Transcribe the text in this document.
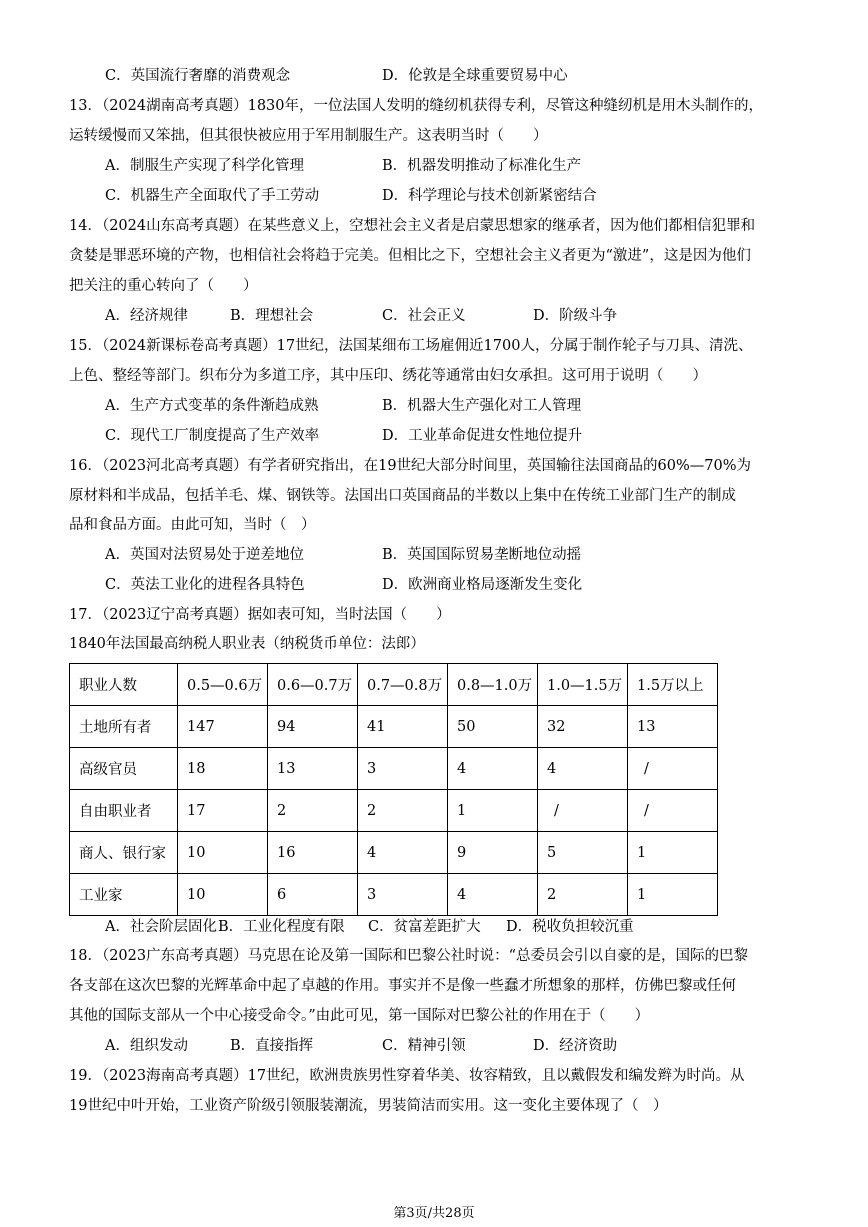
C．英国流行奢靡的消费观念	D．伦敦是全球重要贸易中心
13．（2024湖南高考真题）1830年，一位法国人发明的缝纫机获得专利，尽管这种缝纫机是用木头制作的，
运转缓慢而又笨拙，但其很快被应用于军用制服生产。这表明当时（　　）
A．制服生产实现了科学化管理	B．机器发明推动了标准化生产
C．机器生产全面取代了手工劳动	D．科学理论与技术创新紧密结合
14．（2024山东高考真题）在某些意义上，空想社会主义者是启蒙思想家的继承者，因为他们都相信犯罪和
贪婪是罪恶环境的产物，也相信社会将趋于完美。但相比之下，空想社会主义者更为“激进”，这是因为他们
把关注的重心转向了（　　）
A．经济规律	B．理想社会	C．社会正义	D．阶级斗争
15．（2024新课标卷高考真题）17世纪，法国某细布工场雇佣近1700人，分属于制作轮子与刀具、清洗、
上色、整经等部门。织布分为多道工序，其中压印、绣花等通常由妇女承担。这可用于说明（　　）
A．生产方式变革的条件渐趋成熟	B．机器大生产强化对工人管理
C．现代工厂制度提高了生产效率	D．工业革命促进女性地位提升
16．（2023河北高考真题）有学者研究指出，在19世纪大部分时间里，英国输往法国商品的60%—70%为
原材料和半成品，包括羊毛、煤、钢铁等。法国出口英国商品的半数以上集中在传统工业部门生产的制成
品和食品方面。由此可知，当时（　）
A．英国对法贸易处于逆差地位	B．英国国际贸易垄断地位动摇
C．英法工业化的进程各具特色	D．欧洲商业格局逐渐发生变化
17．（2023辽宁高考真题）据如表可知，当时法国（　　）
1840年法国最高纳税人职业表（纳税货币单位：法郎）
职业人数	0.5—0.6万	0.6—0.7万	0.7—0.8万	0.8—1.0万	1.0—1.5万	1.5万以上
土地所有者	147	94	41	50	32	13
高级官员	18	13	3	4	4	/
自由职业者	17	2	2	1	/	/
商人、银行家	10	16	4	9	5	1
工业家	10	6	3	4	2	1
A．社会阶层固化 B．工业化程度有限 C．贫富差距扩大 D．税收负担较沉重
18．（2023广东高考真题）马克思在论及第一国际和巴黎公社时说：“总委员会引以自豪的是，国际的巴黎
各支部在这次巴黎的光辉革命中起了卓越的作用。事实并不是像一些蠢才所想象的那样，仿佛巴黎或任何
其他的国际支部从一个中心接受命令。”由此可见，第一国际对巴黎公社的作用在于（　　）
A．组织发动	B．直接指挥	C．精神引领	D．经济资助
19．（2023海南高考真题）17世纪，欧洲贵族男性穿着华美、妆容精致，且以戴假发和编发辫为时尚。从
19世纪中叶开始，工业资产阶级引领服装潮流，男装简洁而实用。这一变化主要体现了（　）
第3页/共28页
